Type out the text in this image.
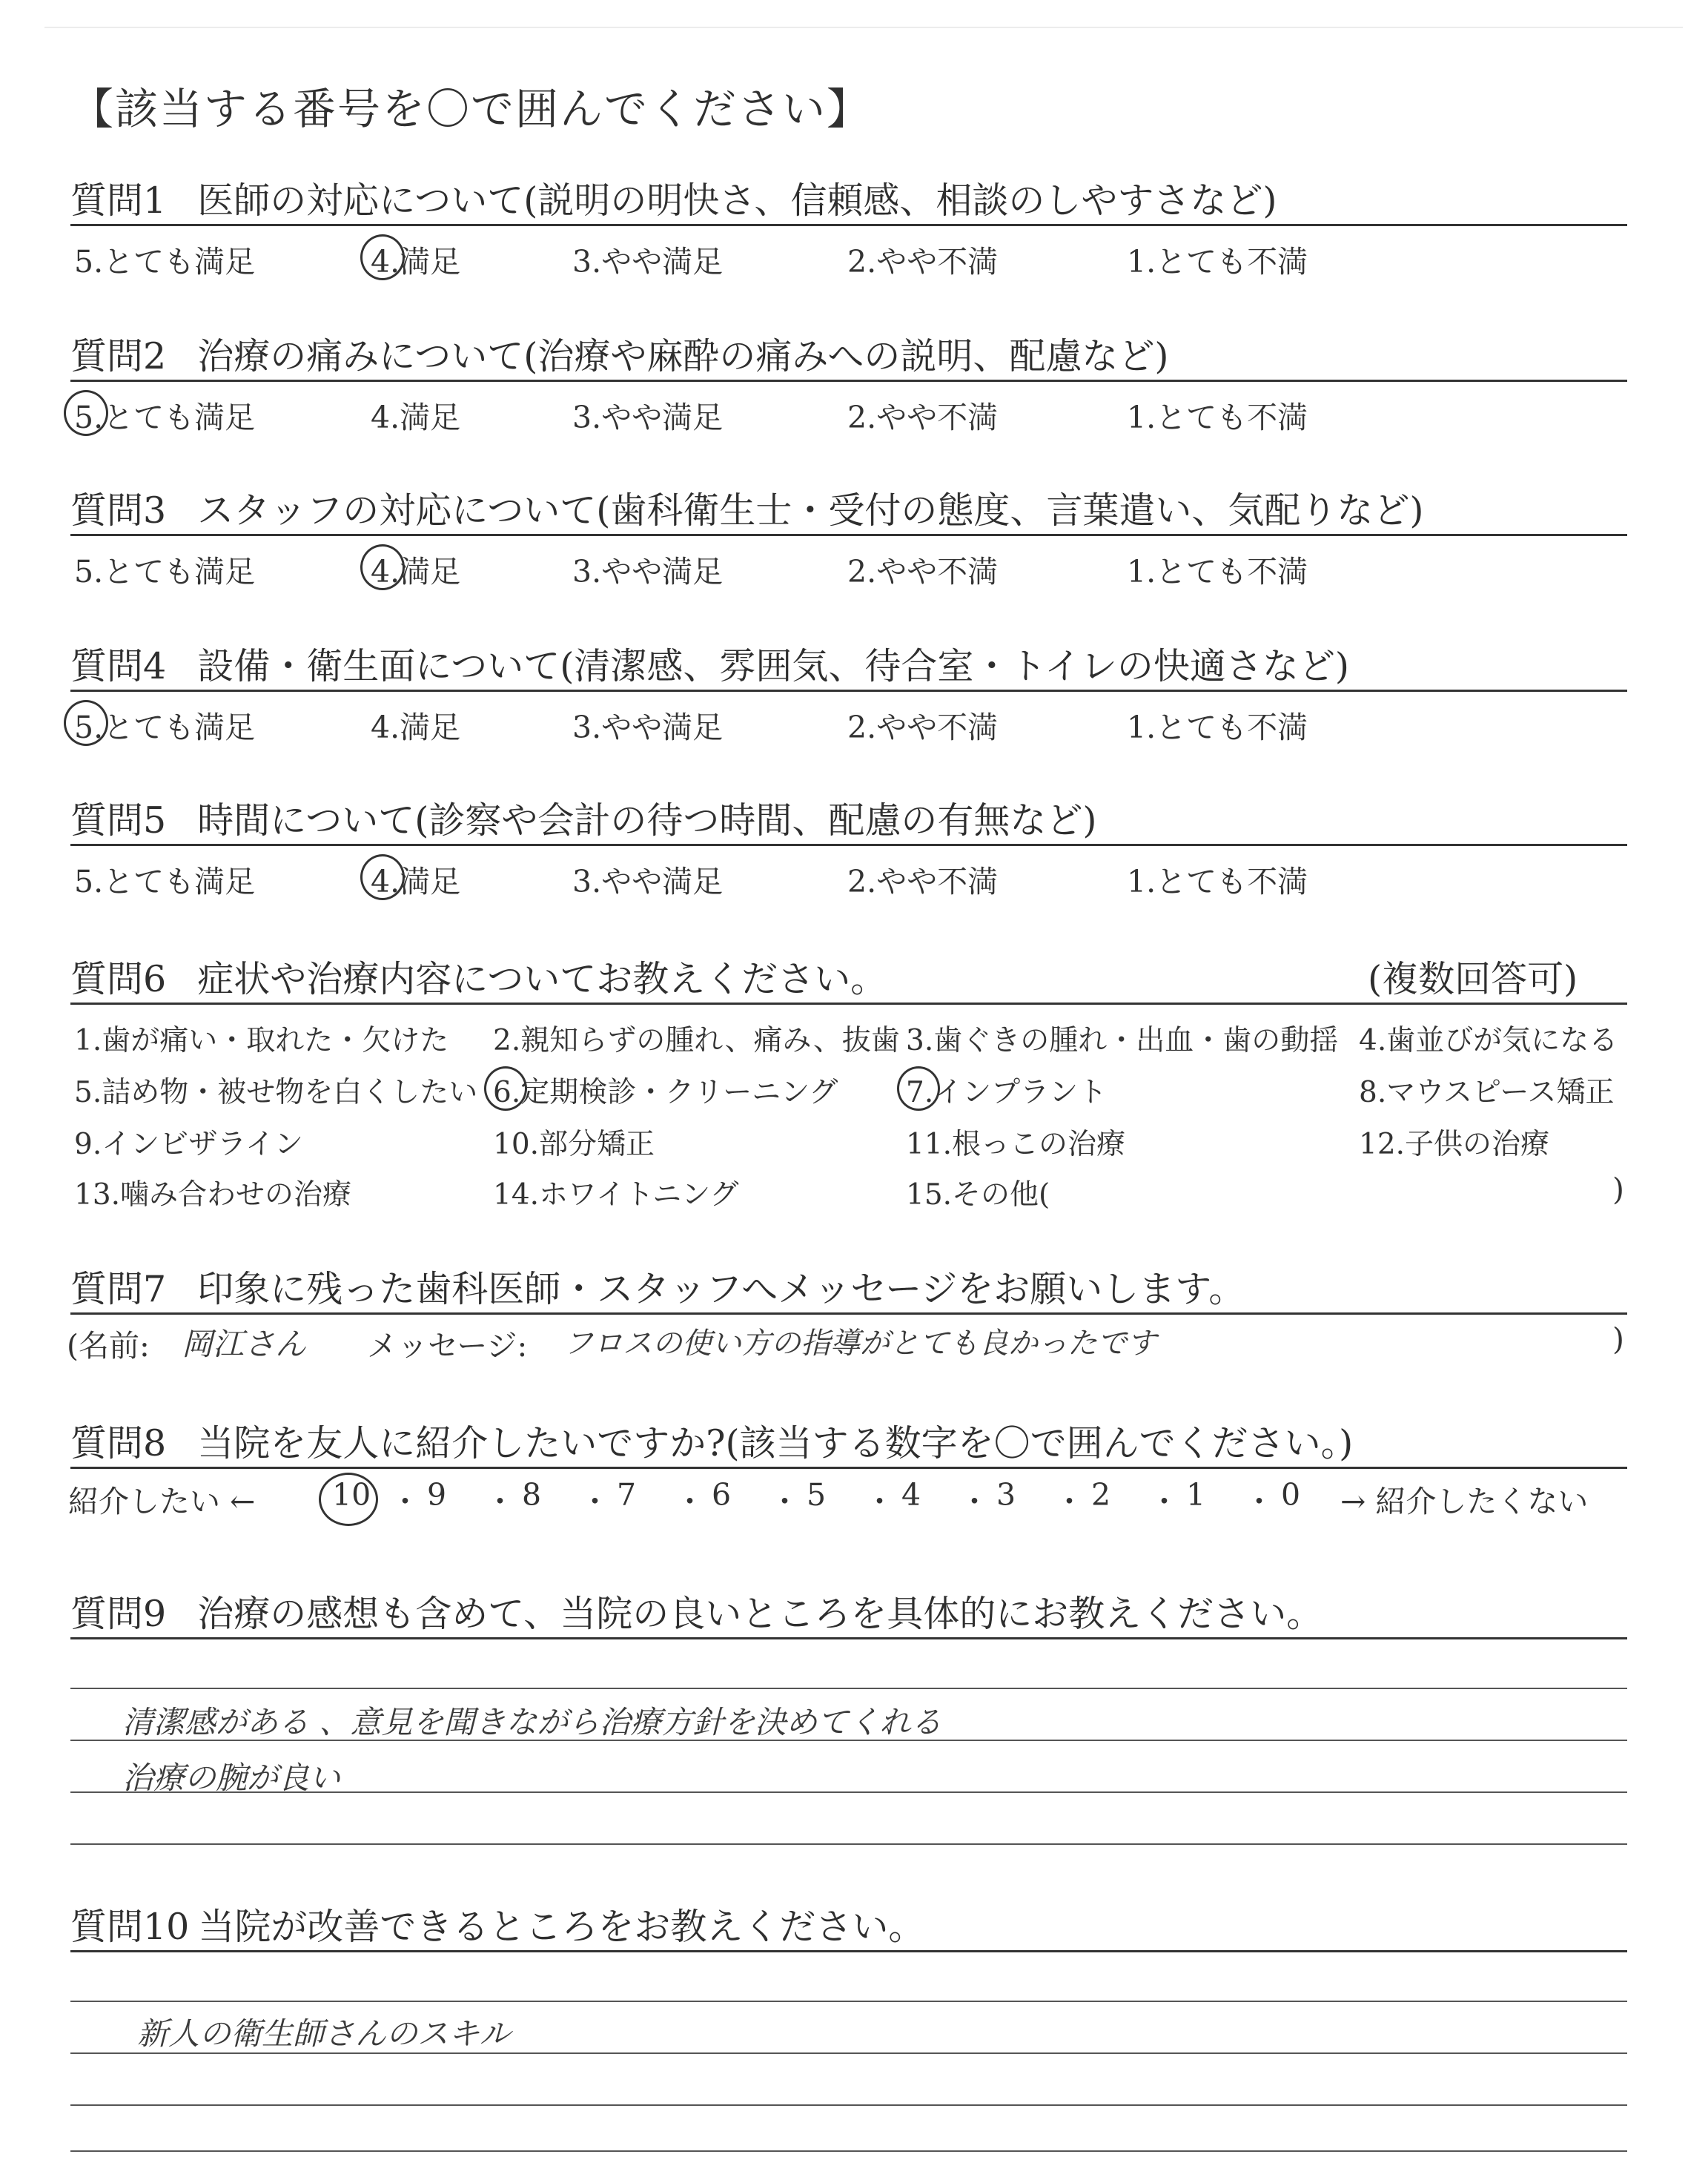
【該当する番号を〇で囲んでください】
質問1 医師の対応について(説明の明快さ、信頼感、相談のしやすさなど)
5.とても満足	4.満足	3.やや満足	2.やや不満	1.とても不満
質問2 治療の痛みについて(治療や麻酔の痛みへの説明、配慮など)
5.とても満足	4.満足	3.やや満足	2.やや不満	1.とても不満
質問3 スタッフの対応について(歯科衛生士・受付の態度、言葉遣い、気配りなど)
5.とても満足	4.満足	3.やや満足	2.やや不満	1.とても不満
質問4 設備・衛生面について(清潔感、雰囲気、待合室・トイレの快適さなど)
5.とても満足	4.満足	3.やや満足	2.やや不満	1.とても不満
質問5 時間について(診察や会計の待つ時間、配慮の有無など)
5.とても満足	4.満足	3.やや満足	2.やや不満	1.とても不満
質問6 症状や治療内容についてお教えください。	(複数回答可)
1.歯が痛い・取れた・欠けた 2.親知らずの腫れ、痛み、抜歯 3.歯ぐきの腫れ・出血・歯の動揺 4.歯並びが気になる
5.詰め物・被せ物を白くしたい 6.定期検診・クリーニング 7.インプラント	8.マウスピース矯正
9.インビザライン	10.部分矯正	11.根っこの治療	12.子供の治療
13.噛み合わせの治療	14.ホワイトニング	15.その他(	)
質問7 印象に残った歯科医師・スタッフへメッセージをお願いします。
(名前: 岡江さん メッセージ: フロスの使い方の指導がとても良かったです	)
質問8 当院を友人に紹介したいですか?(該当する数字を〇で囲んでください。)
紹介したい ←	10 ・ 9 ・ 8 ・ 7 ・ 6 ・ 5 ・ 4 ・ 3 ・ 2 ・ 1 ・ 0 → 紹介したくない
質問9 治療の感想も含めて、当院の良いところを具体的にお教えください。
清潔感がある 、意見を聞きながら治療方針を決めてくれる
治療の腕が良い
質問10 当院が改善できるところをお教えください。
新人の衛生師さんのスキル
